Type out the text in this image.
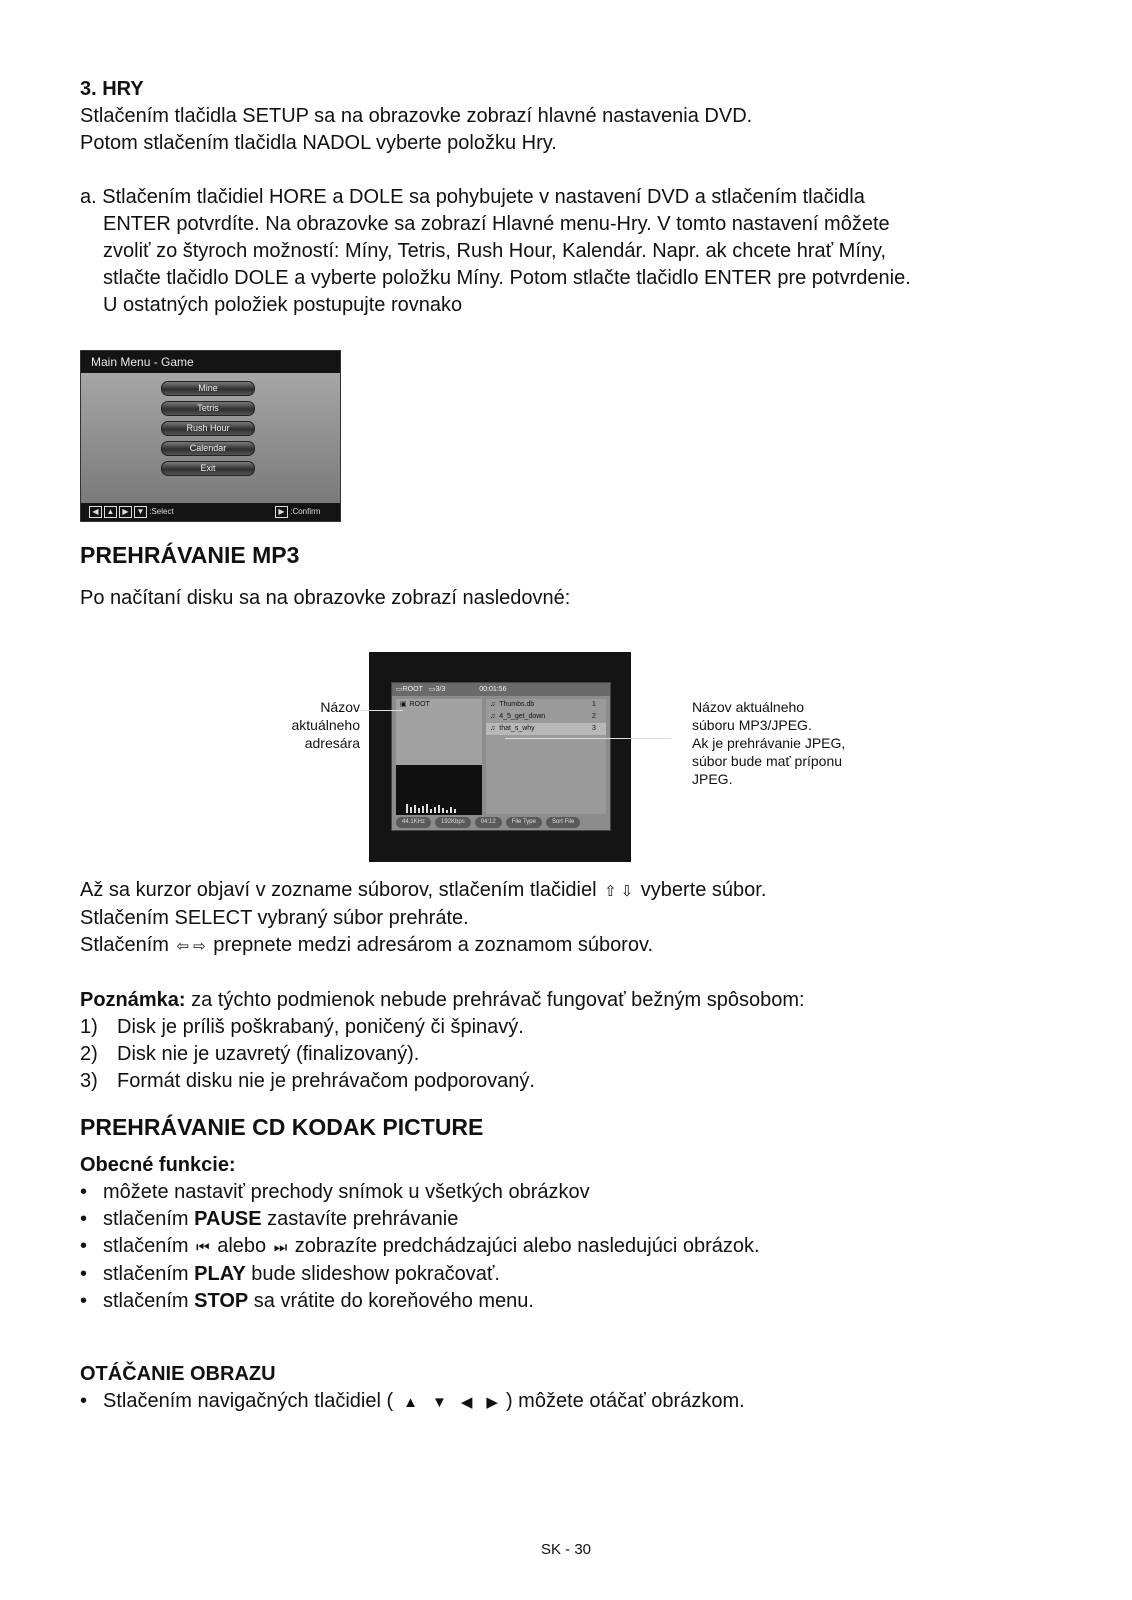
3. HRY

Stlačením tlačidla SETUP sa na obrazovke zobrazí hlavné nastavenia DVD.

Potom stlačením tlačidla NADOL vyberte položku Hry.

a. Stlačením tlačidiel HORE a DOLE sa pohybujete v nastavení DVD a stlačením tlačidla

ENTER potvrdíte. Na obrazovke sa zobrazí Hlavné menu-Hry. V tomto nastavení môžete

zvoliť zo štyroch možností: Míny, Tetris, Rush Hour, Kalendár. Napr. ak chcete hrať Míny,

stlačte tlačidlo DOLE a vyberte položku Míny. Potom stlačte tlačidlo ENTER pre potvrdenie.

U ostatných položiek postupujte rovnako

PREHRÁVANIE MP3

Po načítaní disku sa na obrazovke zobrazí nasledovné:

Až sa kurzor objaví v zozname súborov, stlačením tlačidiel ⇧ ⇩ vyberte súbor.

Stlačením SELECT vybraný súbor prehráte.

Stlačením ⇦ ⇨ prepnete medzi adresárom a zoznamom súborov.

Poznámka: za týchto podmienok nebude prehrávač fungovať bežným spôsobom:

1) Disk je príliš poškrabaný, poničený či špinavý.
2) Disk nie je uzavretý (finalizovaný).
3) Formát disku nie je prehrávačom podporovaný.

PREHRÁVANIE CD KODAK PICTURE

Obecné funkcie:

• môžete nastaviť prechody snímok u všetkých obrázkov
• stlačením PAUSE zastavíte prehrávanie
• stlačením ⏮ alebo ⏭ zobrazíte predchádzajúci alebo nasledujúci obrázok.
• stlačením PLAY bude slideshow pokračovať.
• stlačením STOP sa vrátite do koreňového menu.

OTÁČANIE OBRAZU

• Stlačením navigačných tlačidiel ( ▲ ▼ ◀ ▶ ) môžete otáčať obrázkom.
Main Menu - Game
Mine
Tetris
Rush Hour
Calendar
Exit
◀ ▲ ▶ ▼ :Select	▶ :Confirm
▭ ROOT ▭ 3/3	00:01:56
▣ ROOT	♫ Thumbs.db	1
♫ 4_5_get_down	2
♫ that_s_why	3
44.1KHz	192Kbps	04:12	File Type	Sort File
Názov
aktuálneho
adresára
Názov aktuálneho
súboru MP3/JPEG.
Ak je prehrávanie JPEG,
súbor bude mať príponu
JPEG.
SK - 30
